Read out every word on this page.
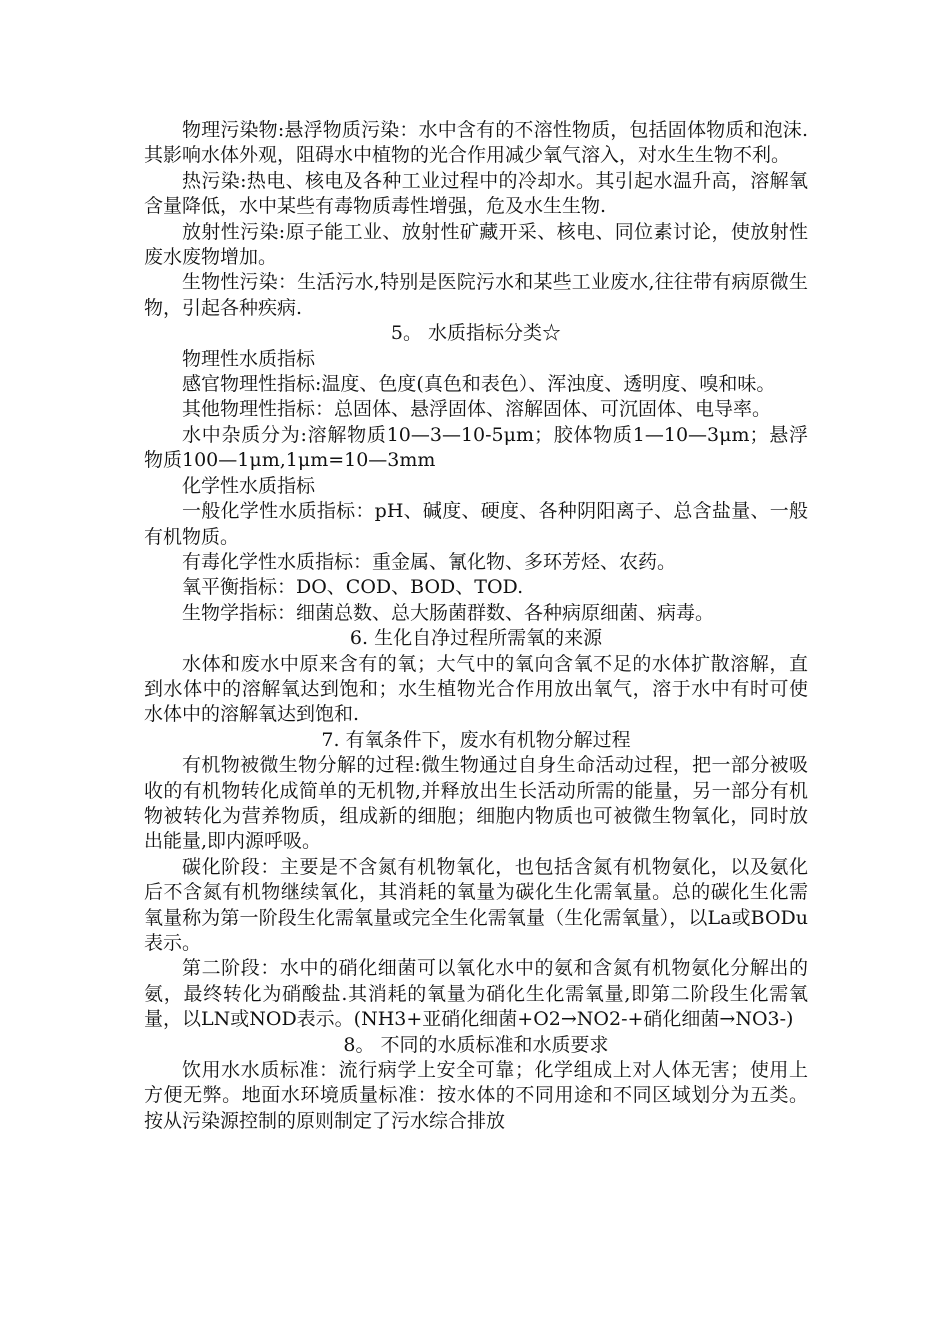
物理污染物:悬浮物质污染：水中含有的不溶性物质，包括固体物质和泡沫.其影响水体外观，阻碍水中植物的光合作用减少氧气溶入，对水生生物不利。

热污染:热电、核电及各种工业过程中的冷却水。其引起水温升高，溶解氧含量降低，水中某些有毒物质毒性增强，危及水生生物.

放射性污染:原子能工业、放射性矿藏开采、核电、同位素讨论，使放射性废水废物增加。

生物性污染：生活污水,特别是医院污水和某些工业废水,往往带有病原微生物，引起各种疾病.

5。 水质指标分类☆

物理性水质指标

感官物理性指标:温度、色度(真色和表色）、浑浊度、透明度、嗅和味。

其他物理性指标：总固体、悬浮固体、溶解固体、可沉固体、电导率。

水中杂质分为:溶解物质10—3—10-5μm；胶体物质1—10—3μm；悬浮物质100—1μm,1μm=10—3mm

化学性水质指标

一般化学性水质指标：pH、碱度、硬度、各种阴阳离子、总含盐量、一般有机物质。

有毒化学性水质指标：重金属、氰化物、多环芳烃、农药。

氧平衡指标：DO、COD、BOD、TOD.

生物学指标：细菌总数、总大肠菌群数、各种病原细菌、病毒。

6. 生化自净过程所需氧的来源

水体和废水中原来含有的氧；大气中的氧向含氧不足的水体扩散溶解，直到水体中的溶解氧达到饱和；水生植物光合作用放出氧气，溶于水中有时可使水体中的溶解氧达到饱和.

7. 有氧条件下，废水有机物分解过程

有机物被微生物分解的过程:微生物通过自身生命活动过程，把一部分被吸收的有机物转化成简单的无机物,并释放出生长活动所需的能量，另一部分有机物被转化为营养物质，组成新的细胞；细胞内物质也可被微生物氧化，同时放出能量,即内源呼吸。

碳化阶段：主要是不含氮有机物氧化，也包括含氮有机物氨化，以及氨化后不含氮有机物继续氧化，其消耗的氧量为碳化生化需氧量。总的碳化生化需氧量称为第一阶段生化需氧量或完全生化需氧量（生化需氧量），以La或BODu表示。

第二阶段：水中的硝化细菌可以氧化水中的氨和含氮有机物氨化分解出的氨，最终转化为硝酸盐.其消耗的氧量为硝化生化需氧量,即第二阶段生化需氧量，以LN或NOD表示。(NH3+亚硝化细菌+O2→NO2-+硝化细菌→NO3-)

8。 不同的水质标准和水质要求

饮用水水质标准：流行病学上安全可靠；化学组成上对人体无害；使用上方便无弊。地面水环境质量标准：按水体的不同用途和不同区域划分为五类。按从污染源控制的原则制定了污水综合排放
